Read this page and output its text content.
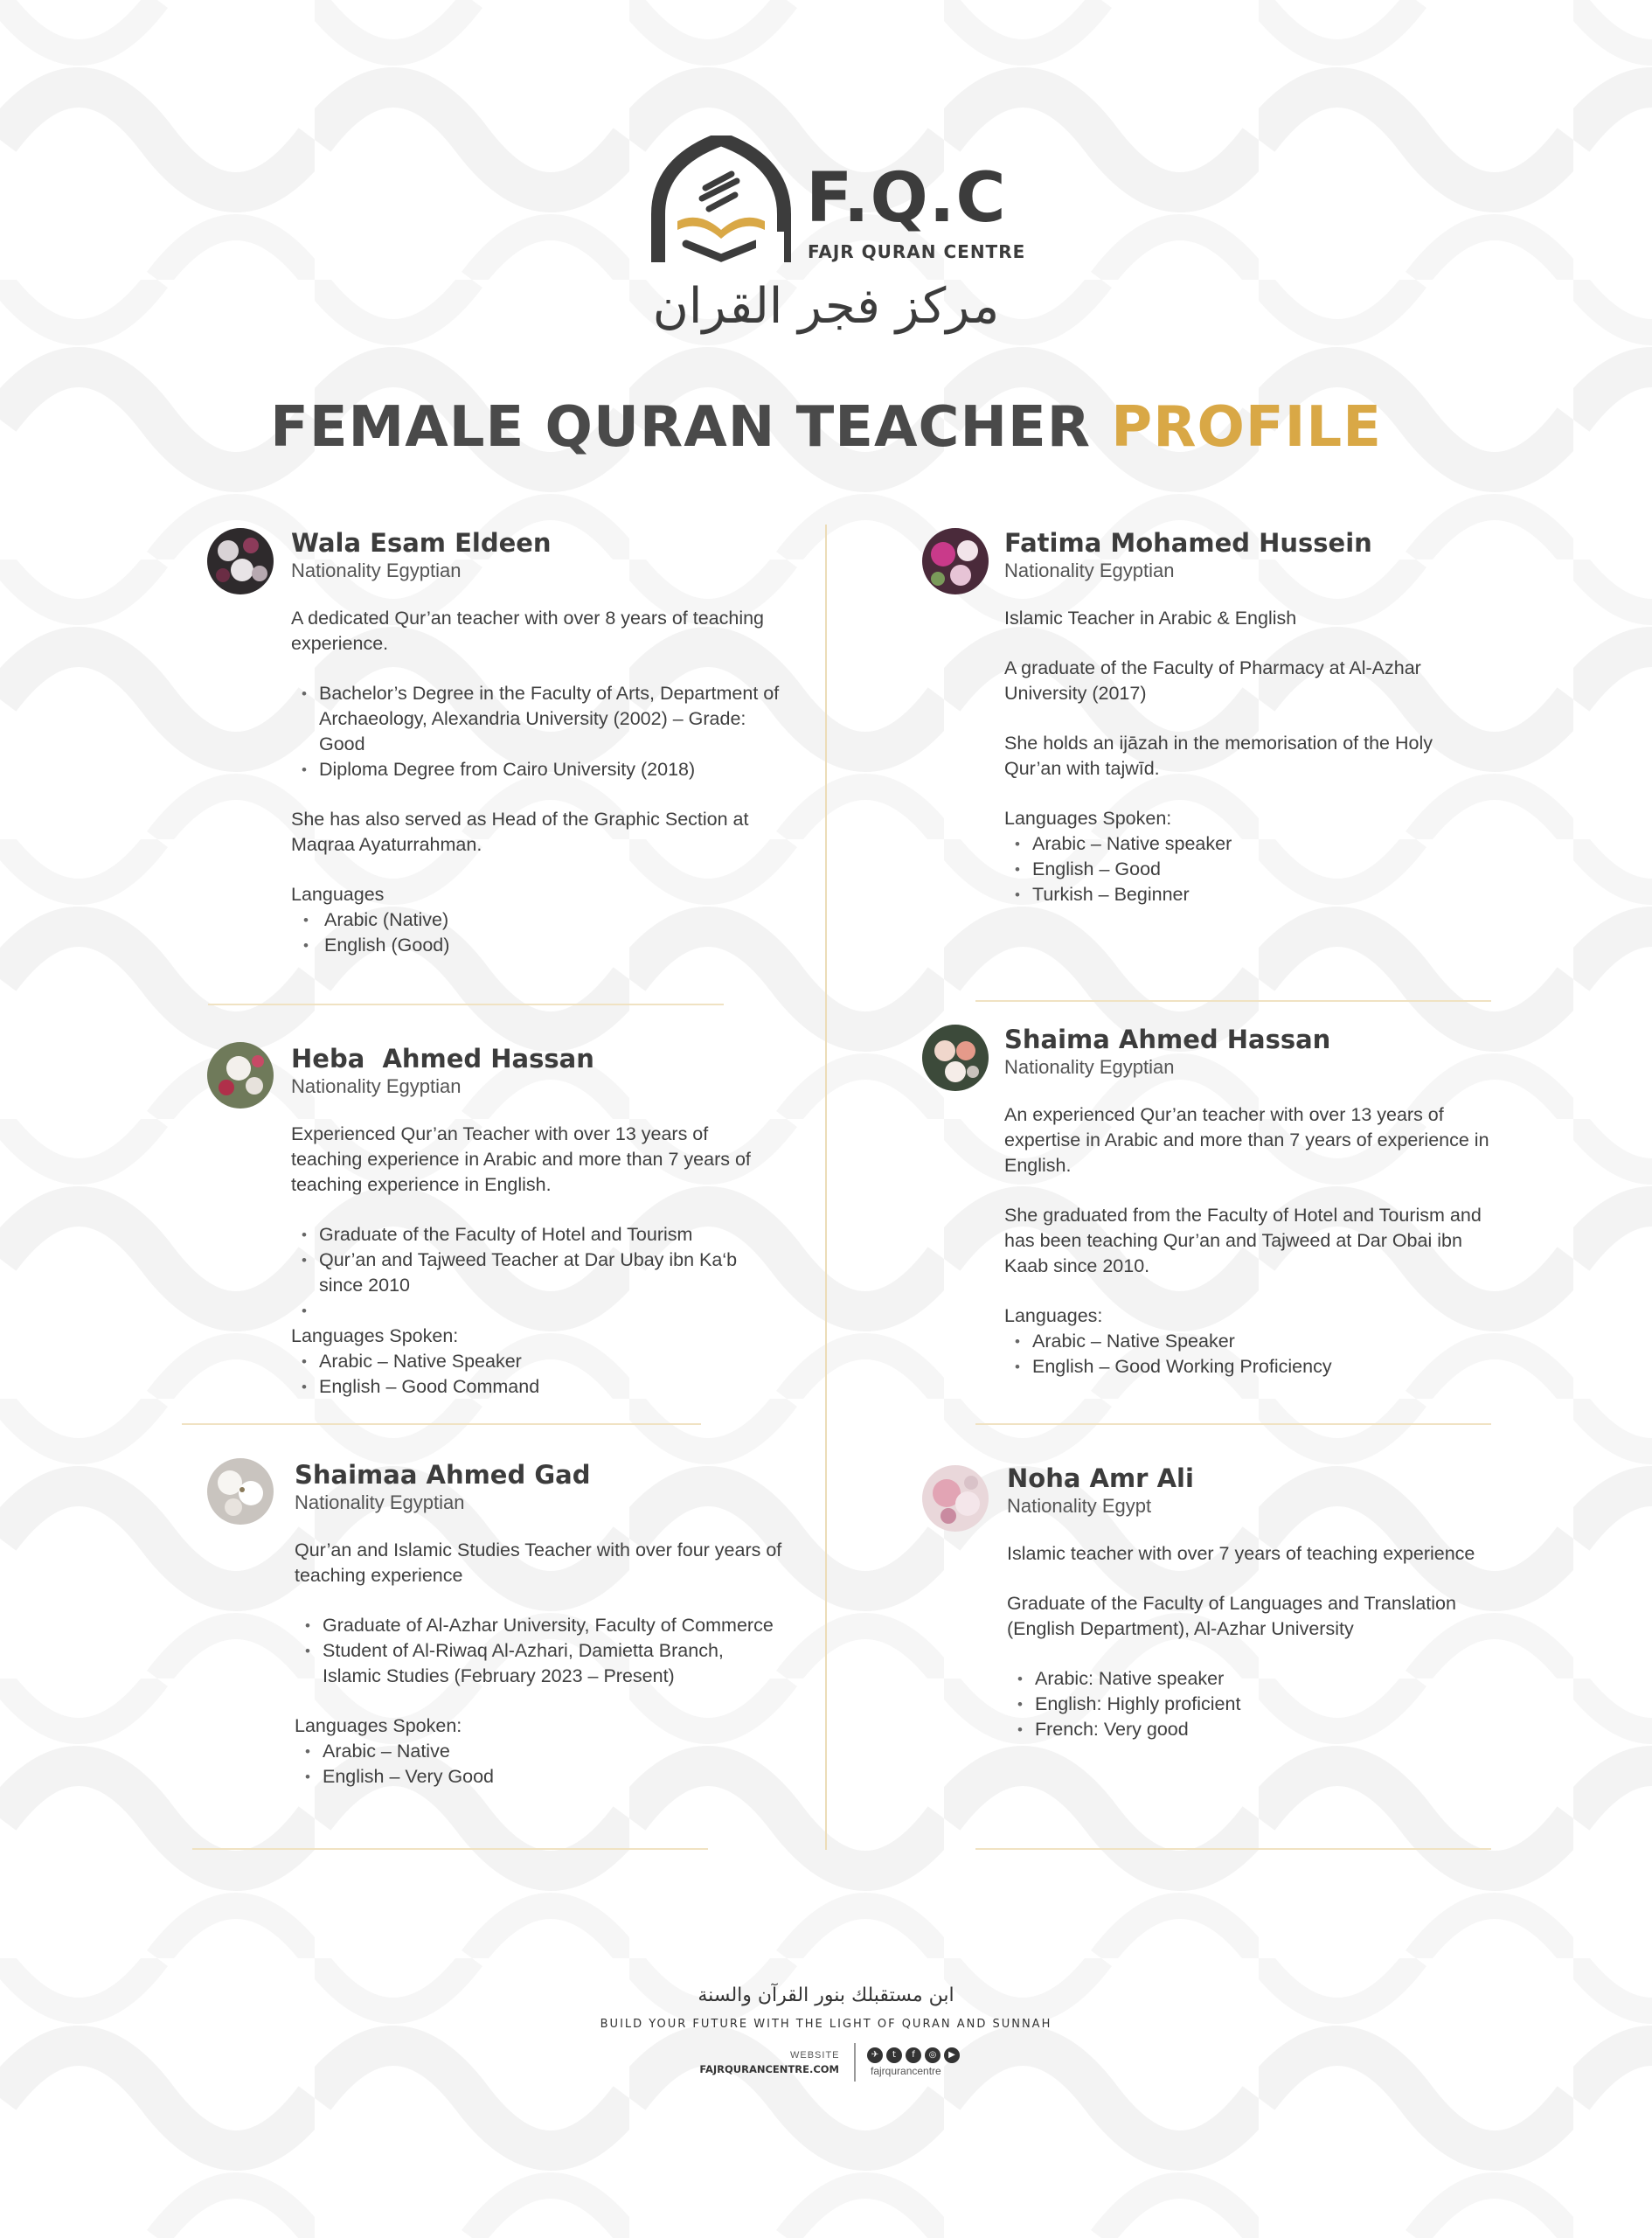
F.Q.C
FAJR QURAN CENTRE
مركز فجر القران
FEMALE QURAN TEACHER PROFILE

Wala Esam Eldeen

Nationality Egyptian

A dedicated Qur’an teacher with over 8 years of teaching experience.

• Bachelor’s Degree in the Faculty of Arts, Department of Archaeology, Alexandria University (2002) – Grade: Good
• Diploma Degree from Cairo University (2018)

She has also served as Head of the Graphic Section at Maqraa Ayaturrahman.

Languages

• Arabic (Native)
• English (Good)

Fatima Mohamed Hussein

Nationality Egyptian

Islamic Teacher in Arabic & English

A graduate of the Faculty of Pharmacy at Al-Azhar University (2017)

She holds an ijāzah in the memorisation of the Holy Qur’an with tajwīd.

Languages Spoken:

• Arabic – Native speaker
• English – Good
• Turkish – Beginner

Heba  Ahmed Hassan

Nationality Egyptian

Experienced Qur’an Teacher with over 13 years of teaching experience in Arabic and more than 7 years of teaching experience in English.

• Graduate of the Faculty of Hotel and Tourism
• Qur’an and Tajweed Teacher at Dar Ubay ibn Ka‘b since 2010
•

Languages Spoken:

• Arabic – Native Speaker
• English – Good Command

Shaima Ahmed Hassan

Nationality Egyptian

An experienced Qur’an teacher with over 13 years of expertise in Arabic and more than 7 years of experience in English.

She graduated from the Faculty of Hotel and Tourism and has been teaching Qur’an and Tajweed at Dar Obai ibn Kaab since 2010.

Languages:

• Arabic – Native Speaker
• English – Good Working Proficiency

Shaimaa Ahmed Gad

Nationality Egyptian

Qur’an and Islamic Studies Teacher with over four years of teaching experience

• Graduate of Al-Azhar University, Faculty of Commerce
• Student of Al-Riwaq Al-Azhari, Damietta Branch, Islamic Studies (February 2023 – Present)

Languages Spoken:

• Arabic – Native
• English – Very Good

Noha Amr Ali

Nationality Egypt

Islamic teacher with over 7 years of teaching experience

Graduate of the Faculty of Languages and Translation (English Department), Al-Azhar University

• Arabic: Native speaker
• English: Highly proficient
• French: Very good
ابن مستقبلك بنور القرآن والسنة
BUILD YOUR FUTURE WITH THE LIGHT OF QURAN AND SUNNAH
WEBSITE
FAJRQURANCENTRE.COM
✈	t	f	◎	▶
fajrqurancentre
